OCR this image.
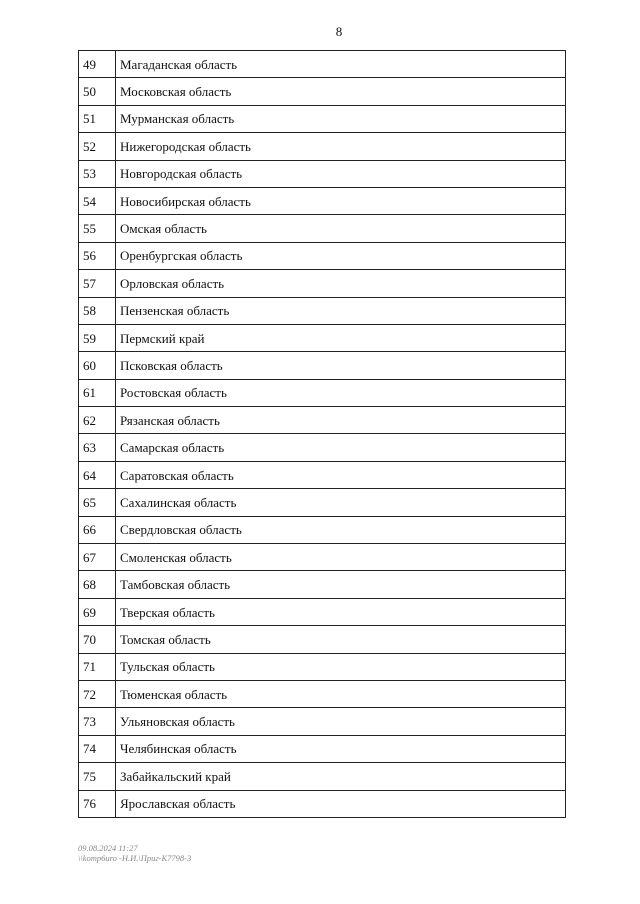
8
49	Магаданская область
50	Московская область
51	Мурманская область
52	Нижегородская область
53	Новгородская область
54	Новосибирская область
55	Омская область
56	Оренбургская область
57	Орловская область
58	Пензенская область
59	Пермский край
60	Псковская область
61	Ростовская область
62	Рязанская область
63	Самарская область
64	Саратовская область
65	Сахалинская область
66	Свердловская область
67	Смоленская область
68	Тамбовская область
69	Тверская область
70	Томская область
71	Тульская область
72	Тюменская область
73	Ульяновская область
74	Челябинская область
75	Забайкальский край
76	Ярославская область
09.08.2024 11:27
\\komp6uro -Н.И.\Приг-К7798-3
